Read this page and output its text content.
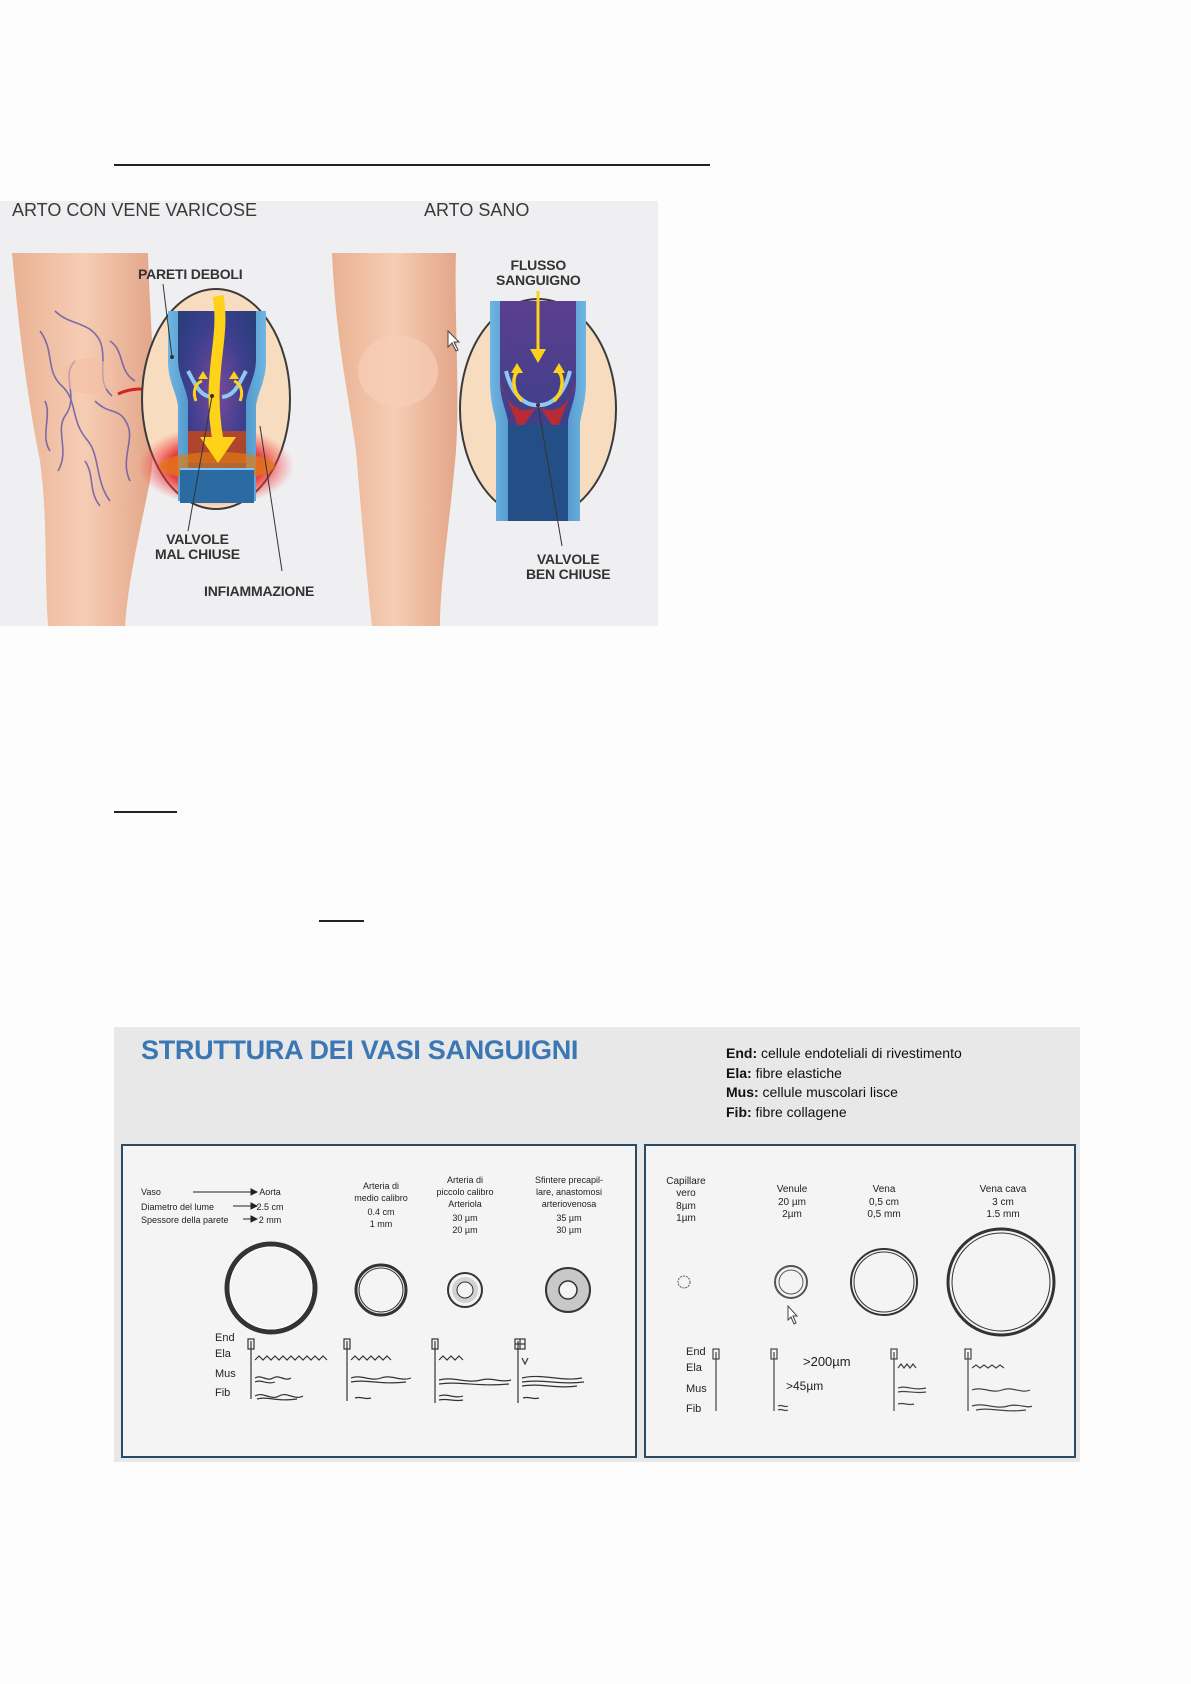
ARTO CON VENE VARICOSE	ARTO SANO
PARETI DEBOLI
VALVOLE
MAL CHIUSE
INFIAMMAZIONE
FLUSSO
SANGUIGNO
VALVOLE
BEN CHIUSE
STRUTTURA DEI VASI SANGUIGNI	End: cellule endoteliali di rivestimento
Ela: fibre elastiche
Mus: cellule muscolari lisce
Fib: fibre collagene
Vaso
Diametro del lume
Spessore della parete
End
Ela
Mus
Fib
Aorta
2.5 cm
2 mm
Arteria di
medio calibro
0.4 cm
1 mm
Arteria di
piccolo calibro
Arteriola
30 µm
20 µm
Sfintere precapil-
lare, anastomosi
arteriovenosa
35 µm
30 µm
End
Ela
Mus
Fib
>200µm
>45µm
Capillare
vero
8µm
1µm
Venule
20 µm
2µm
Vena
0,5 cm
0,5 mm
Vena cava
3 cm
1.5 mm
